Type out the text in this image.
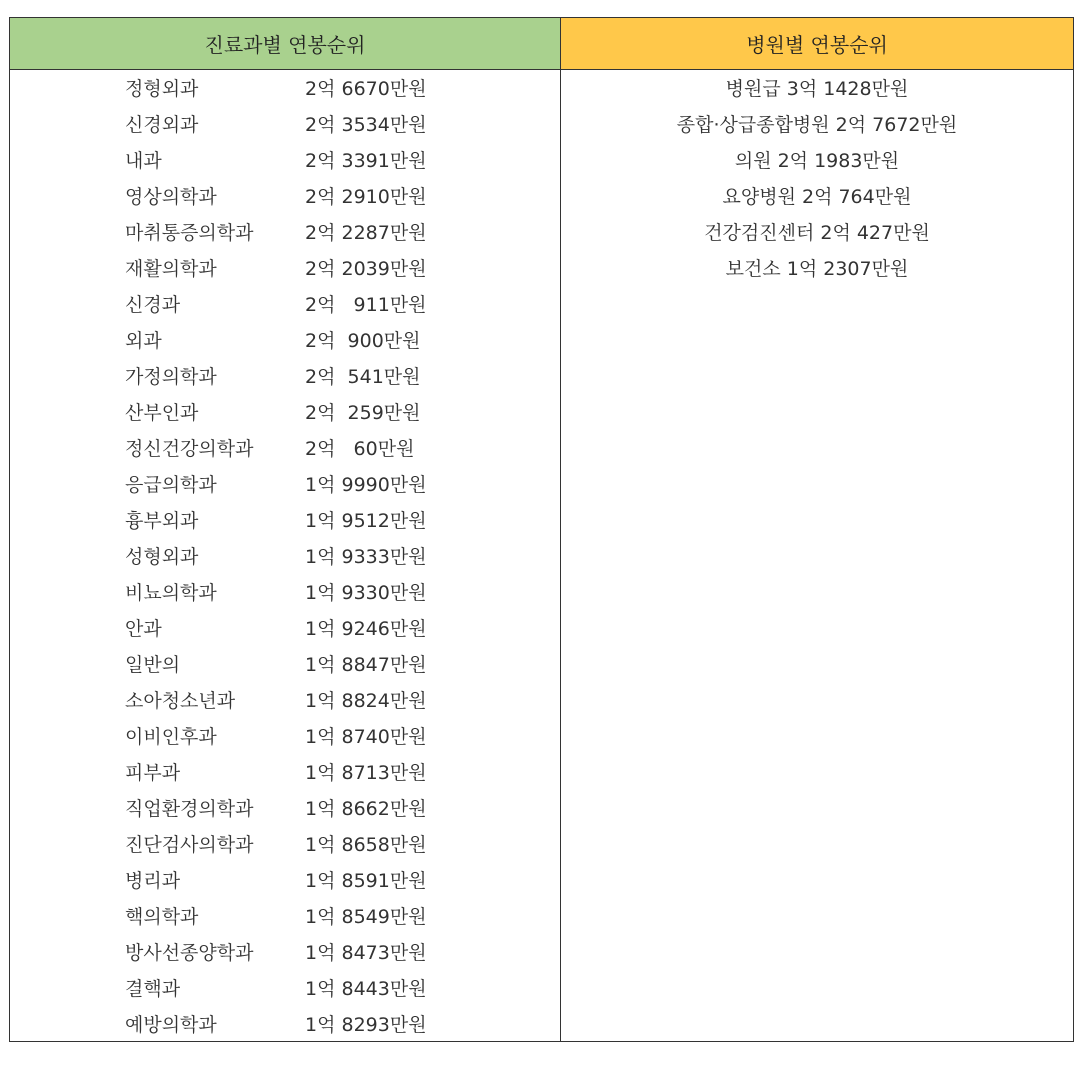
진료과별 연봉순위	병원별 연봉순위

정형외과 2억 6670만원	병원급 3억 1428만원

신경외과 2억 3534만원	종합·상급종합병원 2억 7672만원

내과 2억 3391만원	의원 2억 1983만원

영상의학과 2억 2910만원	요양병원 2억 764만원

마취통증의학과 2억 2287만원	건강검진센터 2억 427만원

재활의학과 2억 2039만원	보건소 1억 2307만원

신경과 2억   911만원	

외과 2억  900만원	

가정의학과 2억  541만원	

산부인과 2억  259만원	

정신건강의학과 2억   60만원	

응급의학과 1억 9990만원	

흉부외과 1억 9512만원	

성형외과 1억 9333만원	

비뇨의학과 1억 9330만원	

안과 1억 9246만원	

일반의 1억 8847만원	

소아청소년과 1억 8824만원	

이비인후과 1억 8740만원	

피부과 1억 8713만원	

직업환경의학과 1억 8662만원	

진단검사의학과 1억 8658만원	

병리과 1억 8591만원	

핵의학과 1억 8549만원	

방사선종양학과 1억 8473만원	

결핵과 1억 8443만원	

예방의학과 1억 8293만원	
